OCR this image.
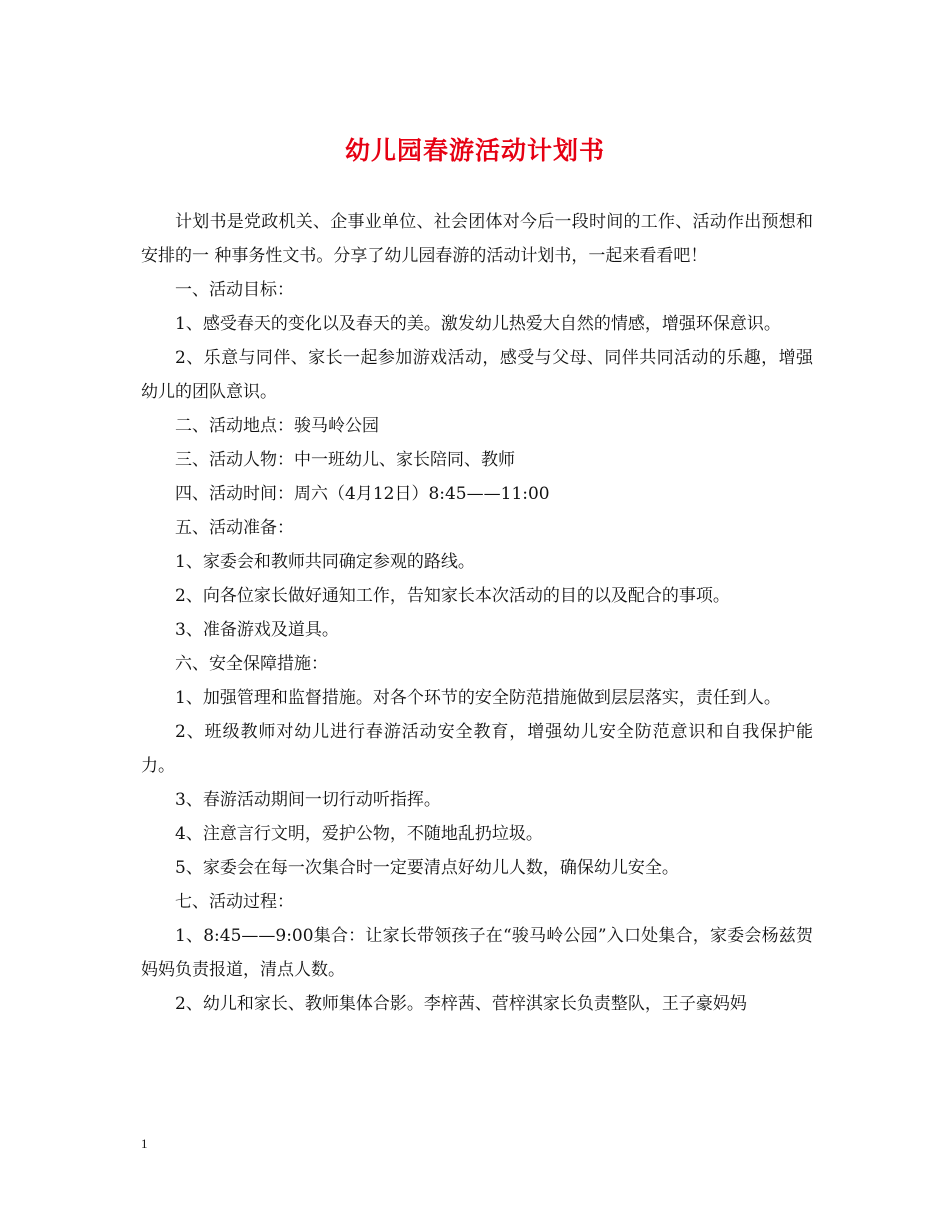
幼儿园春游活动计划书

计划书是党政机关、企事业单位、社会团体对今后一段时间的工作、活动作出预想和安排的一 种事务性文书。分享了幼儿园春游的活动计划书，一起来看看吧！

一、活动目标：

1、感受春天的变化以及春天的美。激发幼儿热爱大自然的情感，增强环保意识。

2、乐意与同伴、家长一起参加游戏活动，感受与父母、同伴共同活动的乐趣，增强幼儿的团队意识。

二、活动地点：骏马岭公园

三、活动人物：中一班幼儿、家长陪同、教师

四、活动时间：周六（4月12日）8:45——11:00

五、活动准备：

1、家委会和教师共同确定参观的路线。

2、向各位家长做好通知工作，告知家长本次活动的目的以及配合的事项。

3、准备游戏及道具。

六、安全保障措施：

1、加强管理和监督措施。对各个环节的安全防范措施做到层层落实，责任到人。

2、班级教师对幼儿进行春游活动安全教育，增强幼儿安全防范意识和自我保护能力。

3、春游活动期间一切行动听指挥。

4、注意言行文明，爱护公物，不随地乱扔垃圾。

5、家委会在每一次集合时一定要清点好幼儿人数，确保幼儿安全。

七、活动过程：

1、8:45——9:00集合：让家长带领孩子在“骏马岭公园”入口处集合，家委会杨兹贺妈妈负责报道，清点人数。

2、幼儿和家长、教师集体合影。李梓茜、菅梓淇家长负责整队，王子豪妈妈

1
